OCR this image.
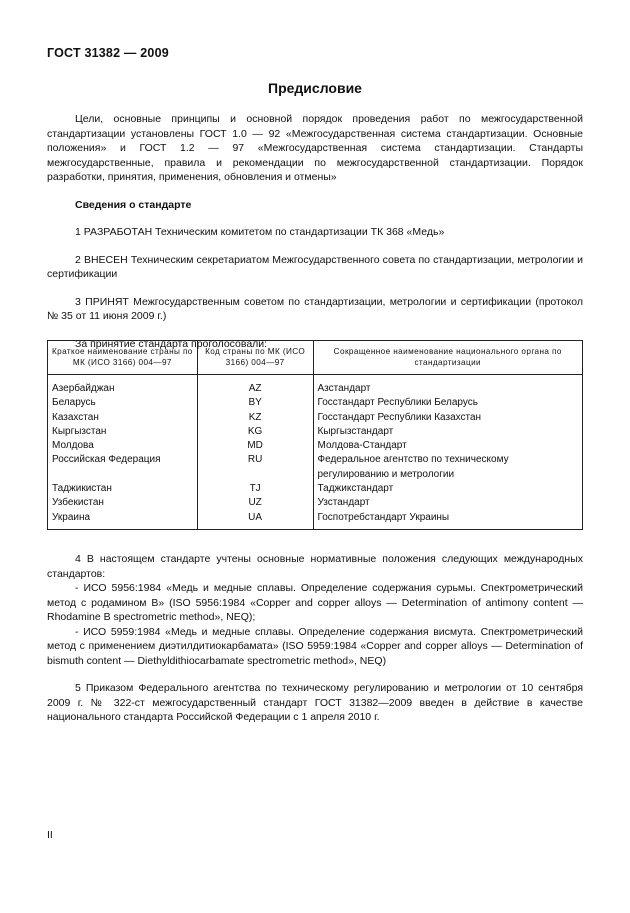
ГОСТ 31382 — 2009
Предисловие

Цели, основные принципы и основной порядок проведения работ по межгосударственной стандартизации установлены ГОСТ 1.0 — 92 «Межгосударственная система стандартизации. Основные положения» и ГОСТ 1.2 — 97 «Межгосударственная система стандартизации. Стандарты межгосударственные, правила и рекомендации по межгосударственной стандартизации. Порядок разработки, принятия, применения, обновления и отмены»

Сведения о стандарте

1 РАЗРАБОТАН Техническим комитетом по стандартизации ТК 368 «Медь»

2 ВНЕСЕН Техническим секретариатом Межгосударственного совета по стандартизации, метрологии и сертификации

3 ПРИНЯТ Межгосударственным советом по стандартизации, метрологии и сертификации (протокол № 35 от 11 июня 2009 г.)

За принятие стандарта проголосовали:

Краткое наименование страны по МК (ИСО 3166) 004—97	Код страны по МК (ИСО 3166) 004—97	Сокращенное наименование национального органа по стандартизации
Азербайджан	AZ	Азстандарт
Беларусь	BY	Госстандарт Республики Беларусь
Казахстан	KZ	Госстандарт Республики Казахстан
Кыргызстан	KG	Кыргызстандарт
Молдова	MD	Молдова-Стандарт
Российская Федерация	RU	Федеральное агентство по техническому регулированию и метрологии
Таджикистан	TJ	Таджикстандарт
Узбекистан	UZ	Узстандарт
Украина	UA	Госпотребстандарт Украины

4 В настоящем стандарте учтены основные нормативные положения следующих международных стандартов:

- ИСО 5956:1984 «Медь и медные сплавы. Определение содержания сурьмы. Спектрометрический метод с родамином В» (ISO 5956:1984 «Copper and copper alloys — Determination of antimony content — Rhodamine B spectrometric method», NEQ);

- ИСО 5959:1984 «Медь и медные сплавы. Определение содержания висмута. Спектрометрический метод с применением диэтилдитиокарбамата» (ISO 5959:1984 «Copper and copper alloys — Determination of bismuth content — Diethyldithiocarbamate spectrometric method», NEQ)

5 Приказом Федерального агентства по техническому регулированию и метрологии от 10 сентября 2009 г. № 322-ст межгосударственный стандарт ГОСТ 31382—2009 введен в действие в качестве национального стандарта Российской Федерации с 1 апреля 2010 г.

II
